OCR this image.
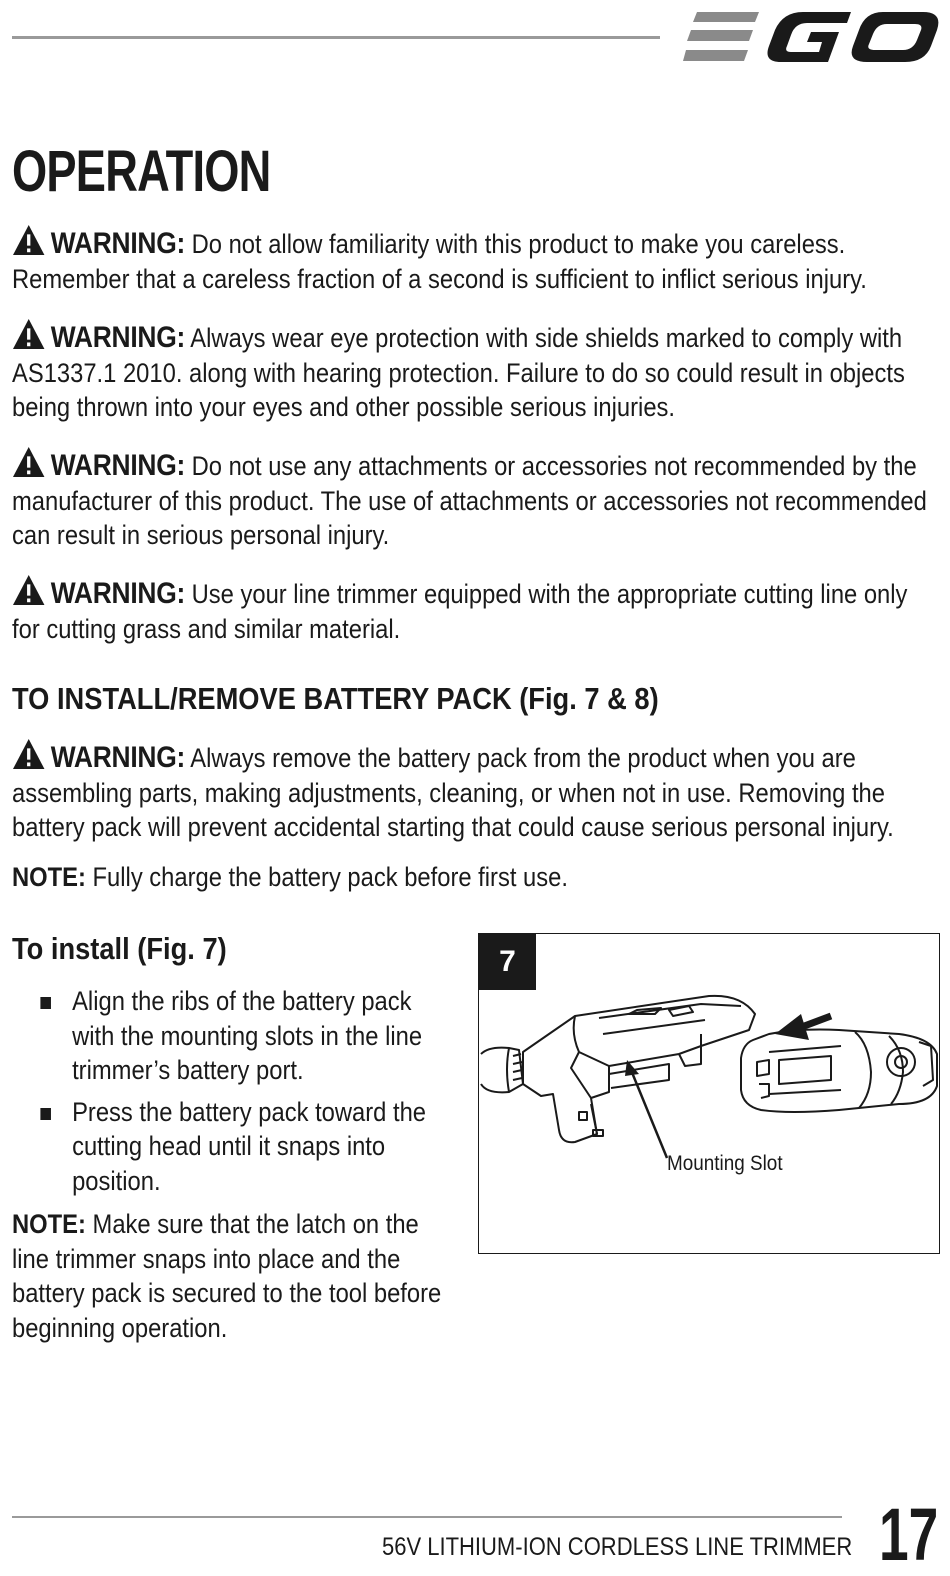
OPERATION

WARNING: Do not allow familiarity with this product to make you careless. Remember that a careless fraction of a second is sufficient to inflict serious injury.

WARNING: Always wear eye protection with side shields marked to comply with AS1337.1 2010. along with hearing protection. Failure to do so could result in objects being thrown into your eyes and other possible serious injuries.

WARNING: Do not use any attachments or accessories not recommended by the manufacturer of this product. The use of attachments or accessories not recommended can result in serious personal injury.

WARNING: Use your line trimmer equipped with the appropriate cutting line only for cutting grass and similar material.

TO INSTALL/REMOVE BATTERY PACK (Fig. 7 & 8)

WARNING: Always remove the battery pack from the product when you are assembling parts, making adjustments, cleaning, or when not in use. Removing the battery pack will prevent accidental starting that could cause serious personal injury.

NOTE: Fully charge the battery pack before first use.

To install (Fig. 7)
Align the ribs of the battery pack with the mounting slots in the line trimmer’s battery port.
Press the battery pack toward the cutting head until it snaps into position.

NOTE: Make sure that the latch on the line trimmer snaps into place and the battery pack is secured to the tool before beginning operation.

7
Mounting Slot

56V LITHIUM-ION CORDLESS LINE TRIMMER 17
